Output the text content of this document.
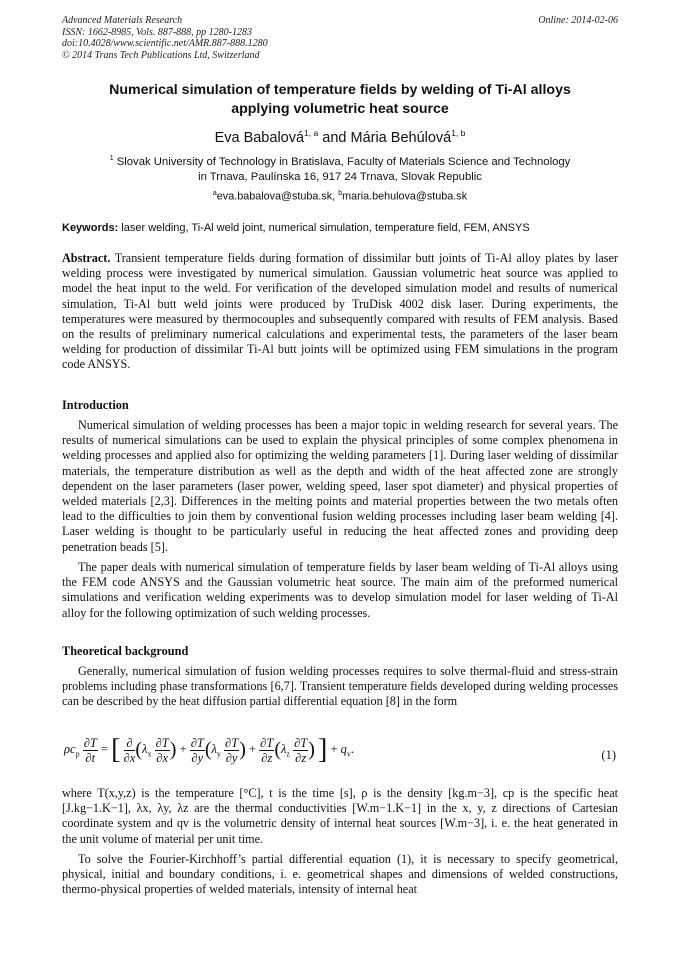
Advanced Materials Research
ISSN: 1662-8985, Vols. 887-888, pp 1280-1283
doi:10.4028/www.scientific.net/AMR.887-888.1280
© 2014 Trans Tech Publications Ltd, Switzerland
Online: 2014-02-06
Numerical simulation of temperature fields by welding of Ti-Al alloys
applying volumetric heat source
Eva Babalová$^{1, a}$ and Mária Behúlová$^{1, b}$
$^1$ Slovak University of Technology in Bratislava, Faculty of Materials Science and Technology
in Trnava, Paulínska 16, 917 24 Trnava, Slovak Republic
$^a$eva.babalova@stuba.sk, $^b$maria.behulova@stuba.sk
Keywords: laser welding, Ti-Al weld joint, numerical simulation, temperature field, FEM, ANSYS
Abstract. Transient temperature fields during formation of dissimilar butt joints of Ti-Al alloy plates by laser welding process were investigated by numerical simulation. Gaussian volumetric heat source was applied to model the heat input to the weld. For verification of the developed simulation model and results of numerical simulation, Ti-Al butt weld joints were produced by TruDisk 4002 disk laser. During experiments, the temperatures were measured by thermocouples and subsequently compared with results of FEM analysis. Based on the results of preliminary numerical calculations and experimental tests, the parameters of the laser beam welding for production of dissimilar Ti-Al butt joints will be optimized using FEM simulations in the program code ANSYS.
Introduction
Numerical simulation of welding processes has been a major topic in welding research for several years. The results of numerical simulations can be used to explain the physical principles of some complex phenomena in welding processes and applied also for optimizing the welding parameters [1]. During laser welding of dissimilar materials, the temperature distribution as well as the depth and width of the heat affected zone are strongly dependent on the laser parameters (laser power, welding speed, laser spot diameter) and physical properties of welded materials [2,3]. Differences in the melting points and material properties between the two metals often lead to the difficulties to join them by conventional fusion welding processes including laser beam welding [4]. Laser welding is thought to be particularly useful in reducing the heat affected zones and providing deep penetration beads [5].
The paper deals with numerical simulation of temperature fields by laser beam welding of Ti-Al alloys using the FEM code ANSYS and the Gaussian volumetric heat source. The main aim of the preformed numerical simulations and verification welding experiments was to develop simulation model for laser welding of Ti-Al alloy for the following optimization of such welding processes.
Theoretical background
Generally, numerical simulation of fusion welding processes requires to solve thermal-fluid and stress-strain problems including phase transformations [6,7]. Transient temperature fields developed during welding processes can be described by the heat diffusion partial differential equation [8] in the form
$\rho c_p \frac{\partial T}{\partial t}$ = [ $\frac{\partial}{\partial x} (\lambda_x \frac{\partial T}{\partial x}$ ) + $\frac{\partial T}{\partial y} (\lambda_y \frac{\partial T}{\partial y}$ ) + $\frac{\partial T}{\partial z} (\lambda_z \frac{\partial T}{\partial z}$ ) ] + $q_v$.	(1)
where T(x,y,z) is the temperature [°C], t is the time [s], ρ is the density [kg.m−3], cp is the specific heat [J.kg−1.K−1], λx, λy, λz are the thermal conductivities [W.m−1.K−1] in the x, y, z directions of Cartesian coordinate system and qv is the volumetric density of internal heat sources [W.m−3], i. e. the heat generated in the unit volume of material per unit time.
To solve the Fourier-Kirchhoff’s partial differential equation (1), it is necessary to specify geometrical, physical, initial and boundary conditions, i. e. geometrical shapes and dimensions of welded constructions, thermo-physical properties of welded materials, intensity of internal heat
